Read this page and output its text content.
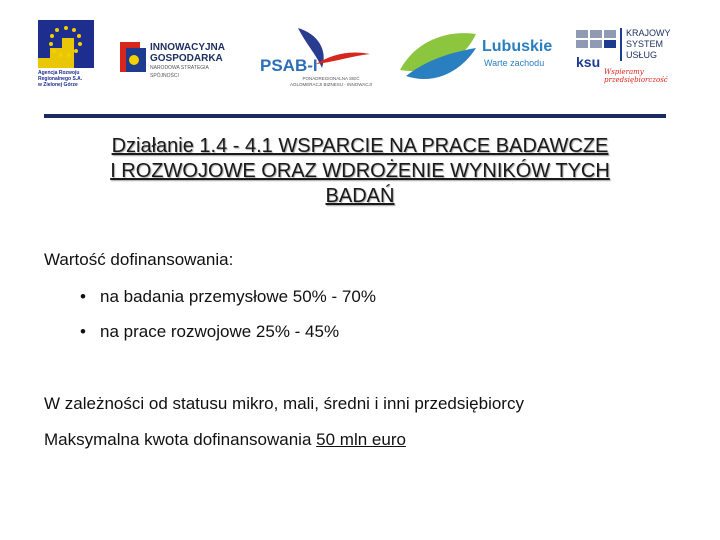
Agencja Rozwoju
Regionalnego S.A.
w Zielonej Górze
INNOWACYJNA
GOSPODARKA
NARODOWA STRATEGIA SPÓJNOŚCI
PSAB-I
PONADREGIONALNA SIEĆ
AGLOMERACJI BIZNESU - INNOWACJI
Lubuskie
Warte zachodu ksu
KRAJOWY
SYSTEM
USŁUG
Wspieramy przedsiębiorczość
Działanie 1.4 - 4.1 WSPARCIE NA PRACE BADAWCZE
I ROZWOJOWE ORAZ WDROŻENIE WYNIKÓW TYCH
BADAŃ
Wartość dofinansowania:
• na badania przemysłowe 50% - 70%
• na prace rozwojowe 25% - 45%
W zależności od statusu mikro, mali, średni i inni przedsiębiorcy
Maksymalna kwota dofinansowania 50 mln euro
